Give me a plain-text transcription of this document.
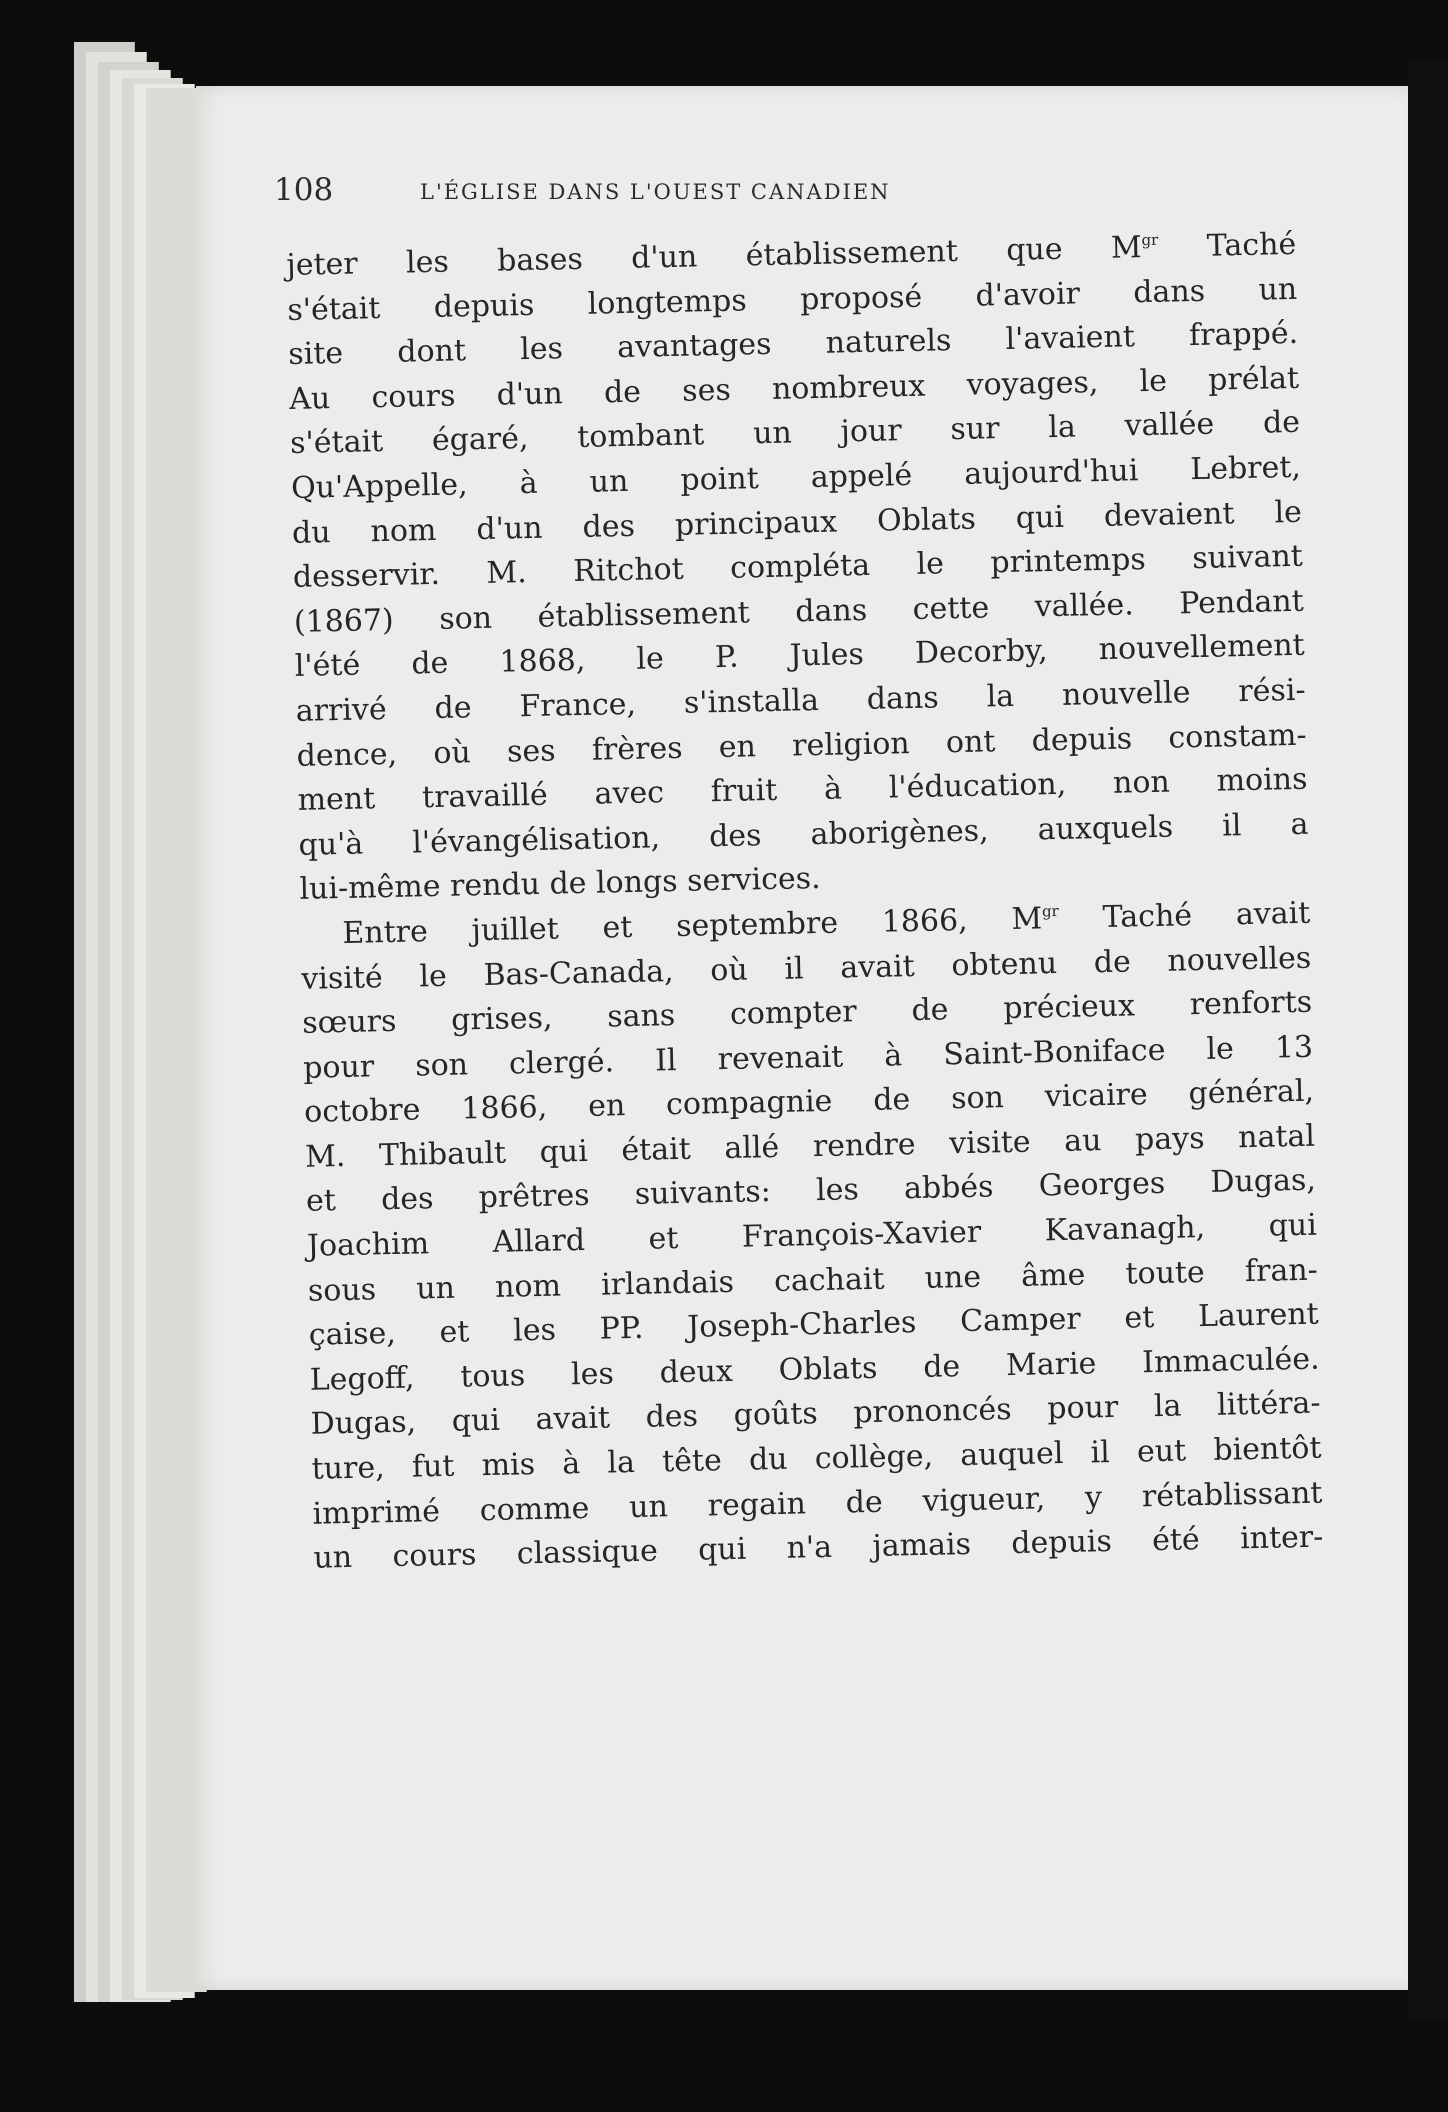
108	L'ÉGLISE DANS L'OUEST CANADIEN
jeter les bases d'un établissement que $M^{gr}$ Taché
s'était depuis longtemps proposé d'avoir dans un
site dont les avantages naturels l'avaient frappé.
Au cours d'un de ses nombreux voyages, le prélat
s'était égaré, tombant un jour sur la vallée de
Qu'Appelle, à un point appelé aujourd'hui Lebret,
du nom d'un des principaux Oblats qui devaient le
desservir. M. Ritchot compléta le printemps suivant
(1867) son établissement dans cette vallée. Pendant
l'été de 1868, le P. Jules Decorby, nouvellement
arrivé de France, s'installa dans la nouvelle rési-
dence, où ses frères en religion ont depuis constam-
ment travaillé avec fruit à l'éducation, non moins
qu'à l'évangélisation, des aborigènes, auxquels il a
lui-même rendu de longs services.
Entre juillet et septembre 1866, $M^{gr}$ Taché avait
visité le Bas-Canada, où il avait obtenu de nouvelles
sœurs grises, sans compter de précieux renforts
pour son clergé. Il revenait à Saint-Boniface le 13
octobre 1866, en compagnie de son vicaire général,
M. Thibault qui était allé rendre visite au pays natal
et des prêtres suivants: les abbés Georges Dugas,
Joachim Allard et François-Xavier Kavanagh, qui
sous un nom irlandais cachait une âme toute fran-
çaise, et les PP. Joseph-Charles Camper et Laurent
Legoff, tous les deux Oblats de Marie Immaculée.
Dugas, qui avait des goûts prononcés pour la littéra-
ture, fut mis à la tête du collège, auquel il eut bientôt
imprimé comme un regain de vigueur, y rétablissant
un cours classique qui n'a jamais depuis été inter-
